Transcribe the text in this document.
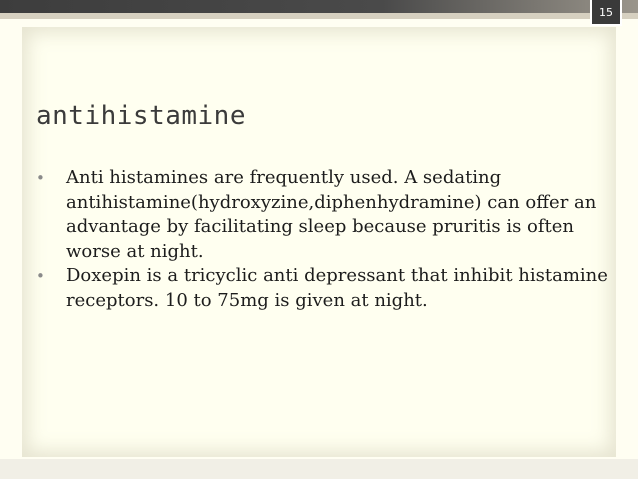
15
antihistamine
•	Anti histamines are frequently used. A sedating antihistamine(hydroxyzine,diphenhydramine) can offer an advantage by facilitating sleep because pruritis is often worse at night.
•	Doxepin is a tricyclic anti depressant that inhibit histamine receptors. 10 to 75mg is given at night.
